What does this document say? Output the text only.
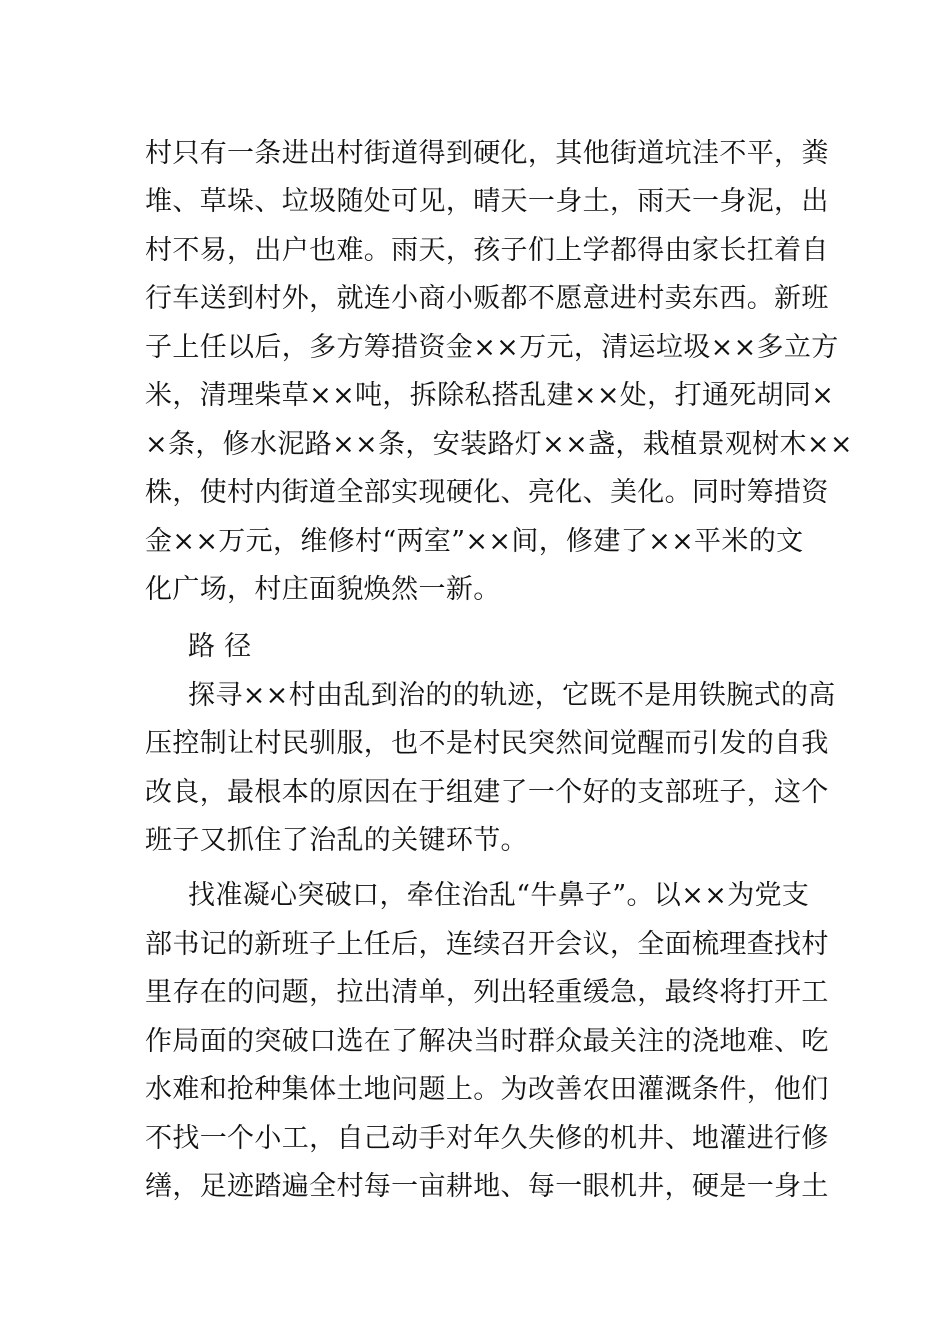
村只有一条进出村街道得到硬化，其他街道坑洼不平，粪
堆、草垛、垃圾随处可见，晴天一身土，雨天一身泥，出
村不易，出户也难。雨天，孩子们上学都得由家长扛着自
行车送到村外，就连小商小贩都不愿意进村卖东西。新班
子上任以后，多方筹措资金××万元，清运垃圾××多立方
米，清理柴草××吨，拆除私搭乱建××处，打通死胡同×
×条，修水泥路××条，安装路灯××盏，栽植景观树木××
株，使村内街道全部实现硬化、亮化、美化。同时筹措资
金××万元，维修村“两室”××间，修建了××平米的文
化广场，村庄面貌焕然一新。
路 径
探寻××村由乱到治的的轨迹，它既不是用铁腕式的高
压控制让村民驯服，也不是村民突然间觉醒而引发的自我
改良，最根本的原因在于组建了一个好的支部班子，这个
班子又抓住了治乱的关键环节。
找准凝心突破口，牵住治乱“牛鼻子”。以××为党支
部书记的新班子上任后，连续召开会议，全面梳理查找村
里存在的问题，拉出清单，列出轻重缓急，最终将打开工
作局面的突破口选在了解决当时群众最关注的浇地难、吃
水难和抢种集体土地问题上。为改善农田灌溉条件，他们
不找一个小工，自己动手对年久失修的机井、地灌进行修
缮，足迹踏遍全村每一亩耕地、每一眼机井，硬是一身土
